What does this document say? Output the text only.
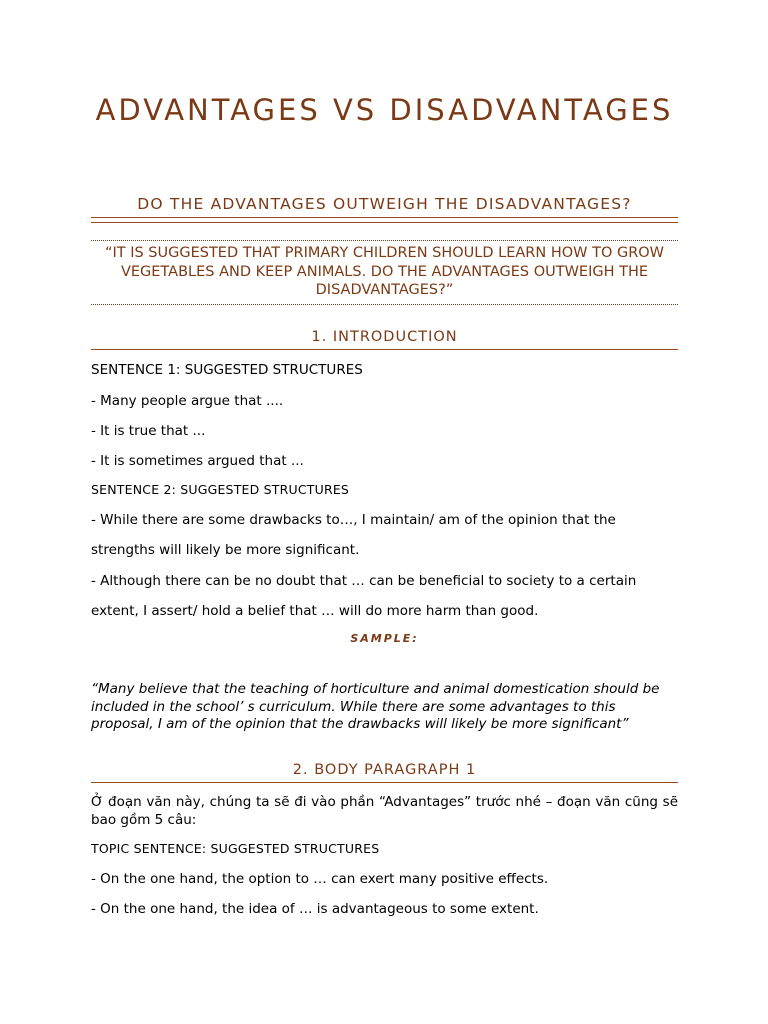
ADVANTAGES VS DISADVANTAGES
DO THE ADVANTAGES OUTWEIGH THE DISADVANTAGES?
“IT IS SUGGESTED THAT PRIMARY CHILDREN SHOULD LEARN HOW TO GROW VEGETABLES AND KEEP ANIMALS. DO THE ADVANTAGES OUTWEIGH THE DISADVANTAGES?”
1. INTRODUCTION
SENTENCE 1: SUGGESTED STRUCTURES
- Many people argue that ....
- It is true that ...
- It is sometimes argued that ...
SENTENCE 2: SUGGESTED STRUCTURES
- While there are some drawbacks to…, I maintain/ am of the opinion that the
strengths will likely be more significant.
- Although there can be no doubt that … can be beneficial to society to a certain
extent, I assert/ hold a belief that … will do more harm than good.
SAMPLE:
“Many believe that the teaching of horticulture and animal domestication should be included in the school’ s curriculum. While there are some advantages to this proposal, I am of the opinion that the drawbacks will likely be more significant”
2. BODY PARAGRAPH 1
Ở đoạn văn này, chúng ta sẽ đi vào phần “Advantages” trước nhé – đoạn văn cũng sẽ bao gồm 5 câu:
TOPIC SENTENCE: SUGGESTED STRUCTURES
- On the one hand, the option to … can exert many positive effects.
- On the one hand, the idea of … is advantageous to some extent.
